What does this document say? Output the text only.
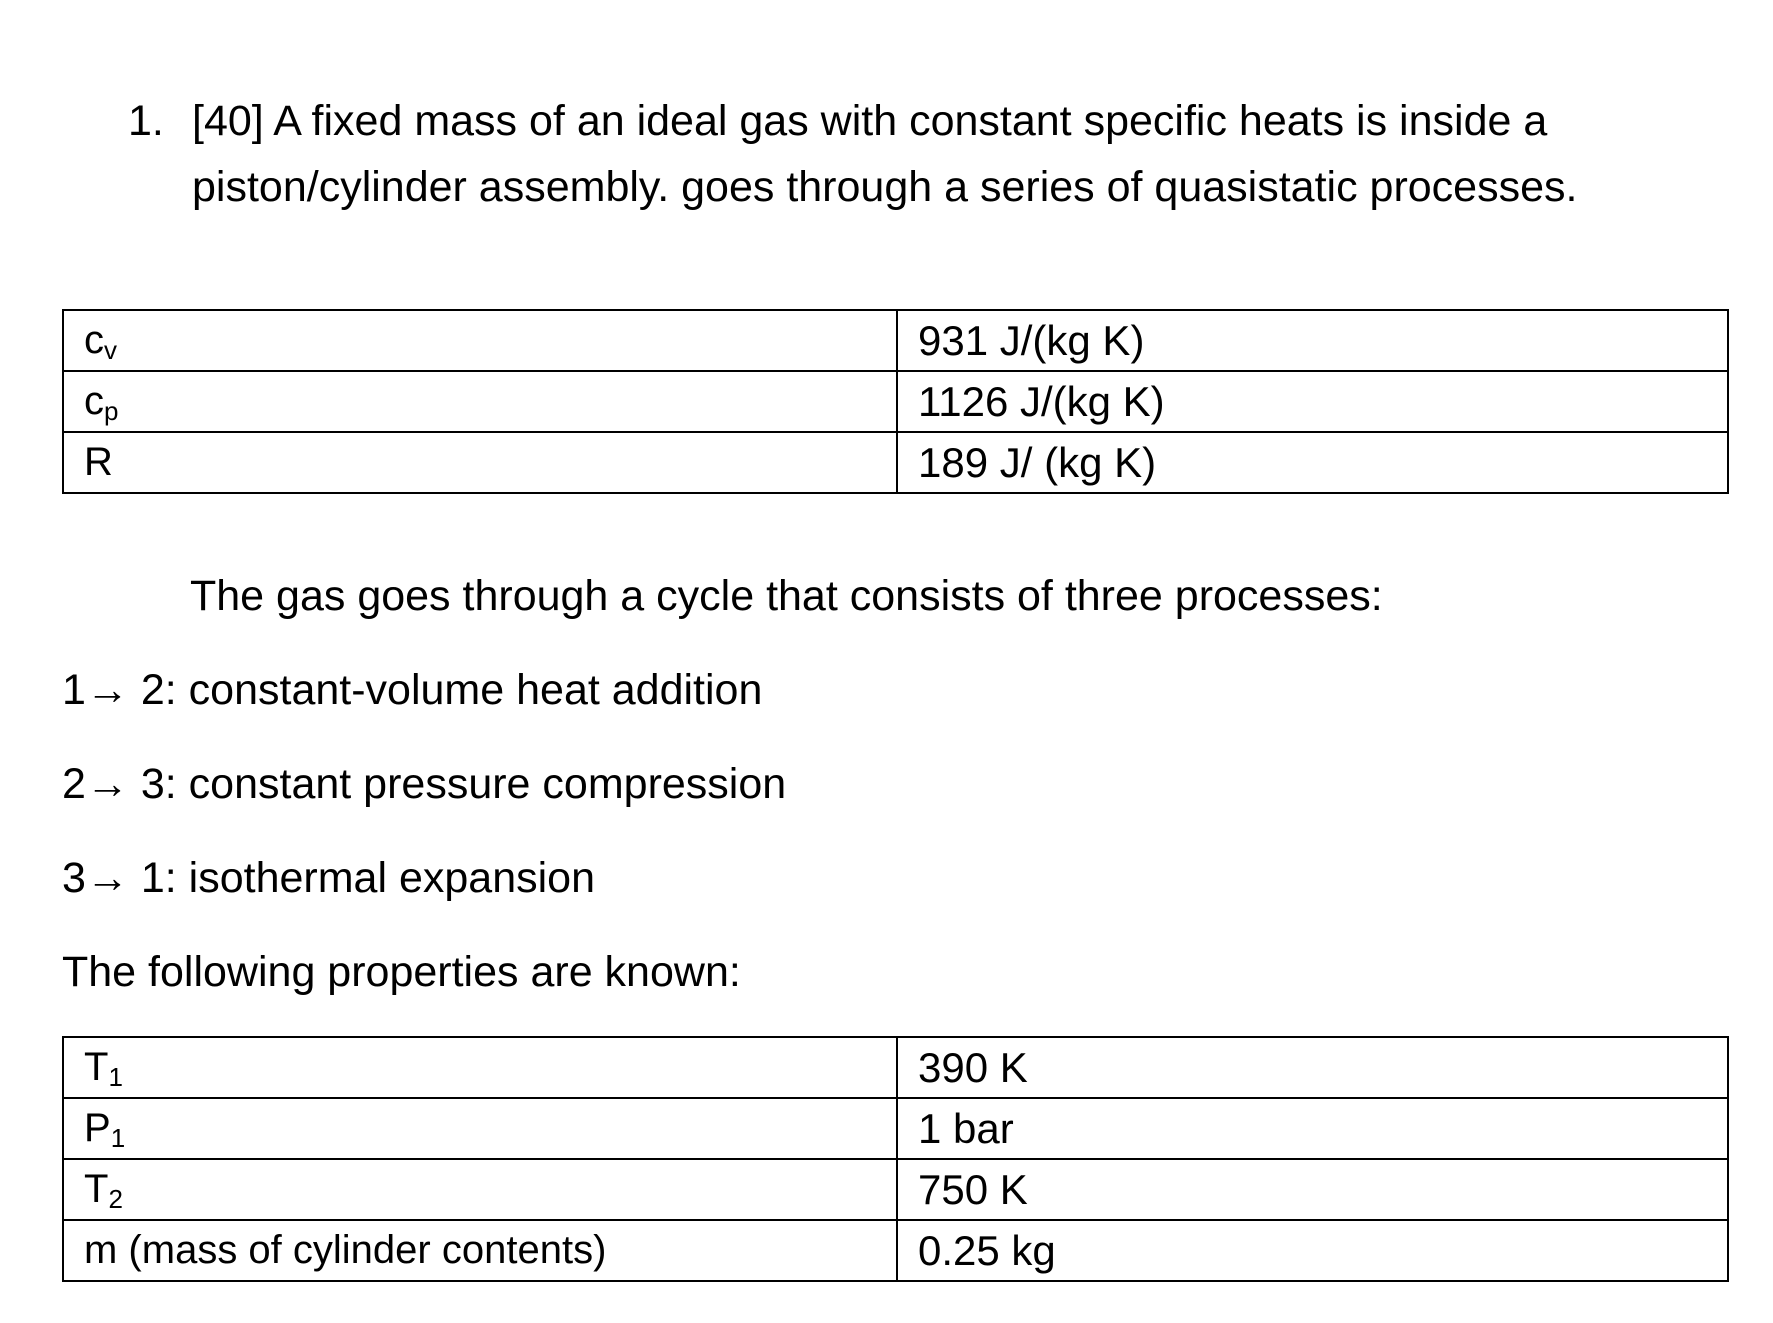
1. [40] A fixed mass of an ideal gas with constant specific heats is inside a piston/cylinder assembly. goes through a series of quasistatic processes.
$c_v$	931 J/(kg K)
$c_p$	1126 J/(kg K)
R	189 J/ (kg K)
The gas goes through a cycle that consists of three processes:
1→ 2: constant-volume heat addition
2→ 3: constant pressure compression
3→ 1: isothermal expansion
The following properties are known:
$T_1$	390 K
$P_1$	1 bar
$T_2$	750 K
m (mass of cylinder contents)	0.25 kg
